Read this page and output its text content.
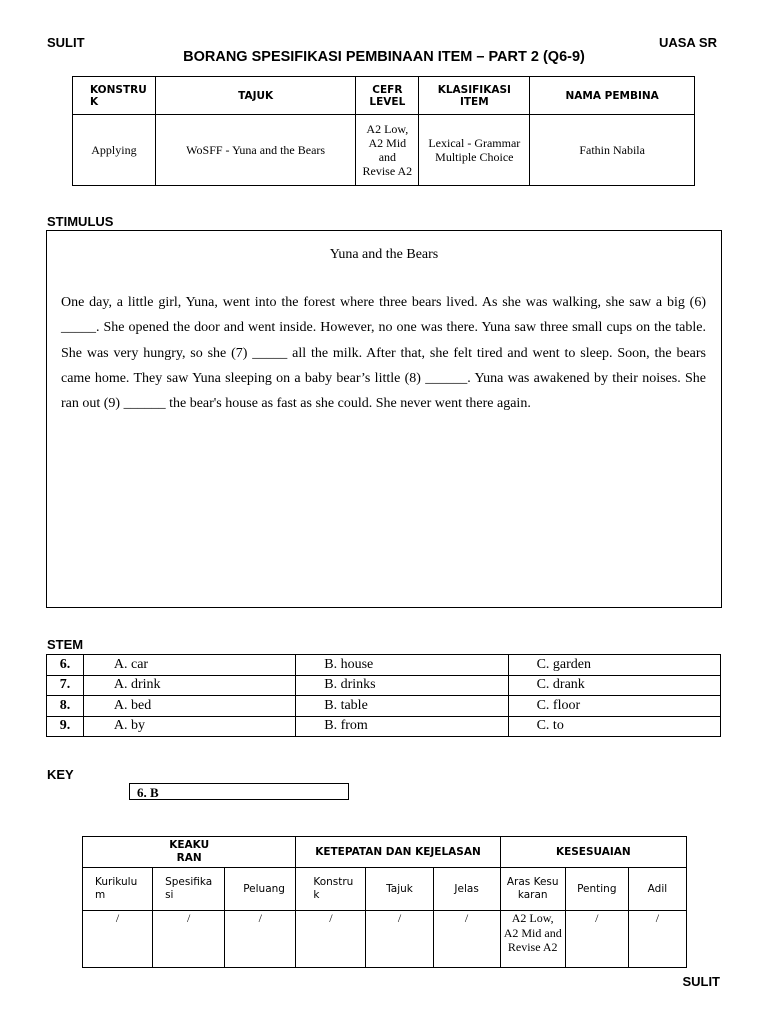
SULIT	UASA SR
BORANG SPESIFIKASI PEMBINAAN ITEM – PART 2 (Q6-9)
KONSTRUK	TAJUK	CEFR LEVEL	KLASIFIKASI ITEM	NAMA PEMBINA
Applying	WoSFF - Yuna and the Bears	A2 Low, A2 Mid and Revise A2	Lexical - Grammar Multiple Choice	Fathin Nabila
STIMULUS
Yuna and the Bears
One day, a little girl, Yuna, went into the forest where three bears lived. As she was walking, she saw a big (6) _____. She opened the door and went inside. However, no one was there. Yuna saw three small cups on the table. She was very hungry, so she (7) _____ all the milk. After that, she felt tired and went to sleep. Soon, the bears came home. They saw Yuna sleeping on a baby bear’s little (8) ______. Yuna was awakened by their noises. She ran out (9) ______ the bear's house as fast as she could. She never went there again.
STEM
6.	A. car	B. house	C. garden
7.	A. drink	B. drinks	C. drank
8.	A. bed	B. table	C. floor
9.	A. by	B. from	C. to
KEY
6. B
KEAKURAN			KETEPATAN DAN KEJELASAN			KESESUAIAN		
Kurikulum	Spesifikasi	Peluang	Konstruk	Tajuk	Jelas	Aras Kesukaran	Penting	Adil
/	/	/	/	/	/	A2 Low, A2 Mid and Revise A2	/	/
SULIT
